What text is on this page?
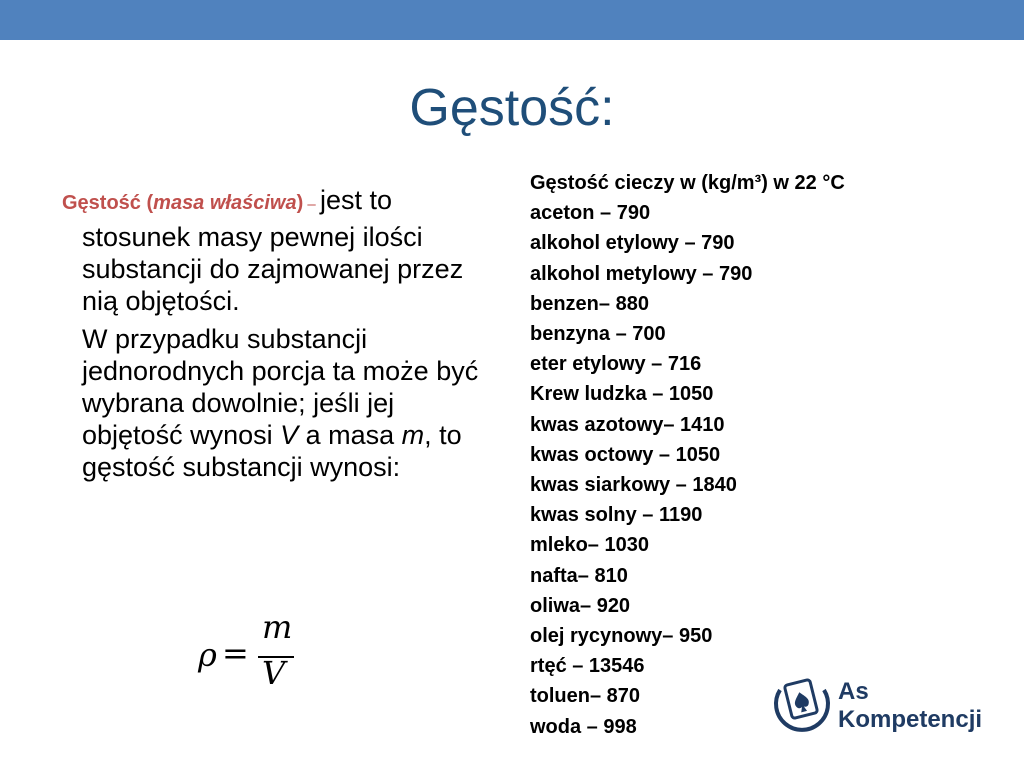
Gęstość:

Gęstość (masa właściwa) – jest to stosunek masy pewnej ilości substancji do zajmowanej przez nią objętości.

W przypadku substancji jednorodnych porcja ta może być wybrana dowolnie; jeśli jej objętość wynosi V a masa m, to gęstość substancji wynosi:

ρ =
m
V
Gęstość cieczy w (kg/m³) w 22 °C
aceton – 790
alkohol etylowy – 790
alkohol metylowy – 790
benzen– 880
benzyna – 700
eter etylowy – 716
Krew ludzka – 1050
kwas azotowy– 1410
kwas octowy – 1050
kwas siarkowy – 1840
kwas solny – 1190
mleko– 1030
nafta– 810
oliwa– 920
olej rycynowy– 950
rtęć – 13546
toluen– 870
woda – 998
As
Kompetencji
